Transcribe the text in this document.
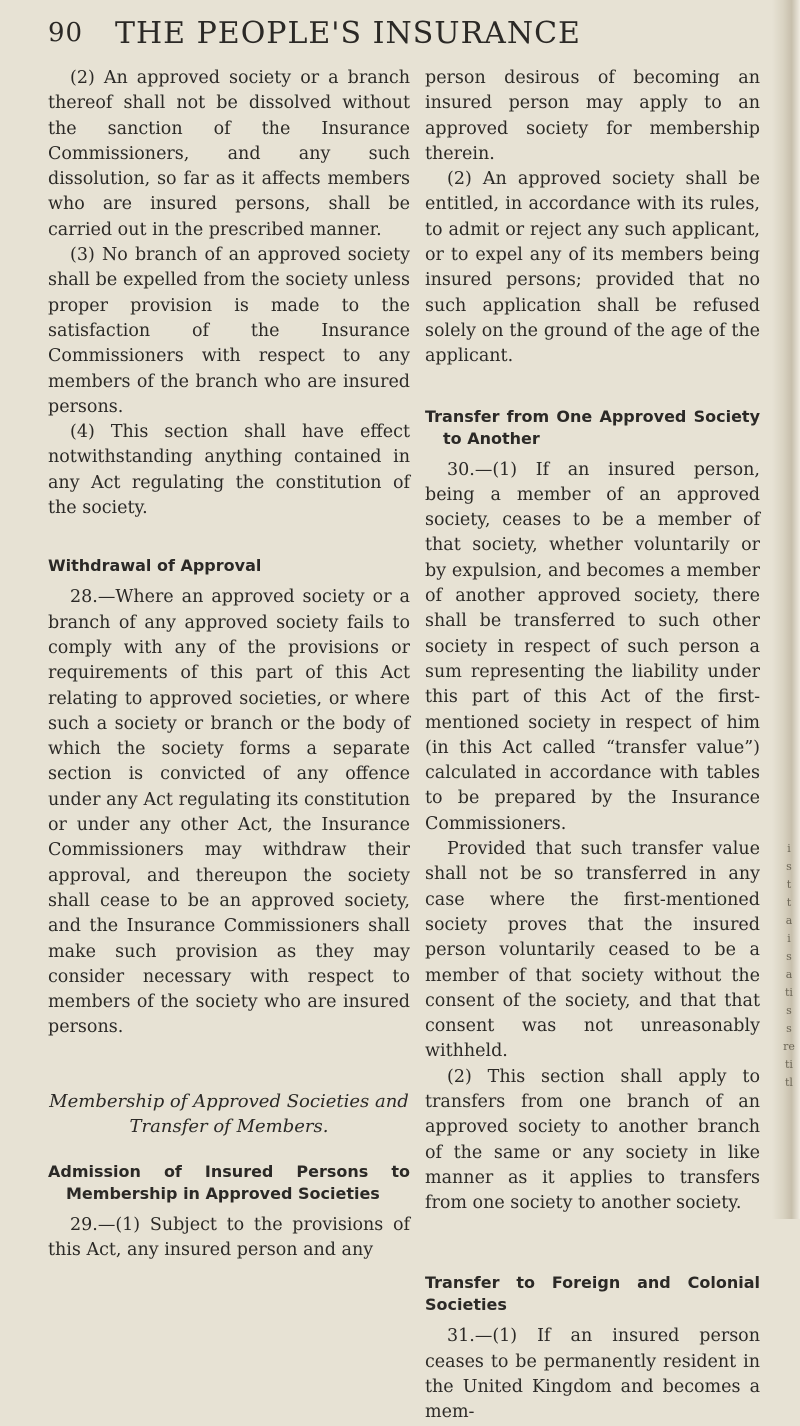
i
s
t
t
a
i
s
a
ti
s
s
re
ti
tl
90 THE PEOPLE'S INSURANCE

(2) An approved society or a branch thereof shall not be dissolved without the sanction of the Insurance Commissioners, and any such dissolution, so far as it affects members who are insured persons, shall be carried out in the prescribed manner.

(3) No branch of an approved society shall be expelled from the society unless proper provision is made to the satisfaction of the Insurance Commissioners with respect to any members of the branch who are insured persons.

(4) This section shall have effect notwithstanding anything contained in any Act regulating the constitution of the society.

Withdrawal of Approval

28.—Where an approved society or a branch of any approved society fails to comply with any of the provisions or requirements of this part of this Act relating to approved societies, or where such a society or branch or the body of which the society forms a separate section is convicted of any offence under any Act regulating its constitution or under any other Act, the Insurance Commissioners may withdraw their approval, and thereupon the society shall cease to be an approved society, and the Insurance Commissioners shall make such provision as they may consider necessary with respect to members of the society who are insured persons.

Membership of Approved Societies and Transfer of Members.

Admission of Insured Persons to Membership in Approved Societies

29.—(1) Subject to the provisions of this Act, any insured person and any

person desirous of becoming an insured person may apply to an approved society for membership therein.

(2) An approved society shall be entitled, in accordance with its rules, to admit or reject any such applicant, or to expel any of its members being insured persons; provided that no such application shall be refused solely on the ground of the age of the applicant.

Transfer from One Approved Society to Another

30.—(1) If an insured person, being a member of an approved society, ceases to be a member of that society, whether voluntarily or by expulsion, and becomes a member of another approved society, there shall be transferred to such other society in respect of such person a sum representing the liability under this part of this Act of the first-mentioned society in respect of him (in this Act called “transfer value”) calculated in accordance with tables to be prepared by the Insurance Commissioners.

Provided that such transfer value shall not be so transferred in any case where the first-mentioned society proves that the insured person voluntarily ceased to be a member of that society without the consent of the society, and that that consent was not unreasonably withheld.

(2) This section shall apply to transfers from one branch of an approved society to another branch of the same or any society in like manner as it applies to transfers from one society to another society.

Transfer to Foreign and Colonial Societies

31.—(1) If an insured person ceases to be permanently resident in the United Kingdom and becomes a mem-
